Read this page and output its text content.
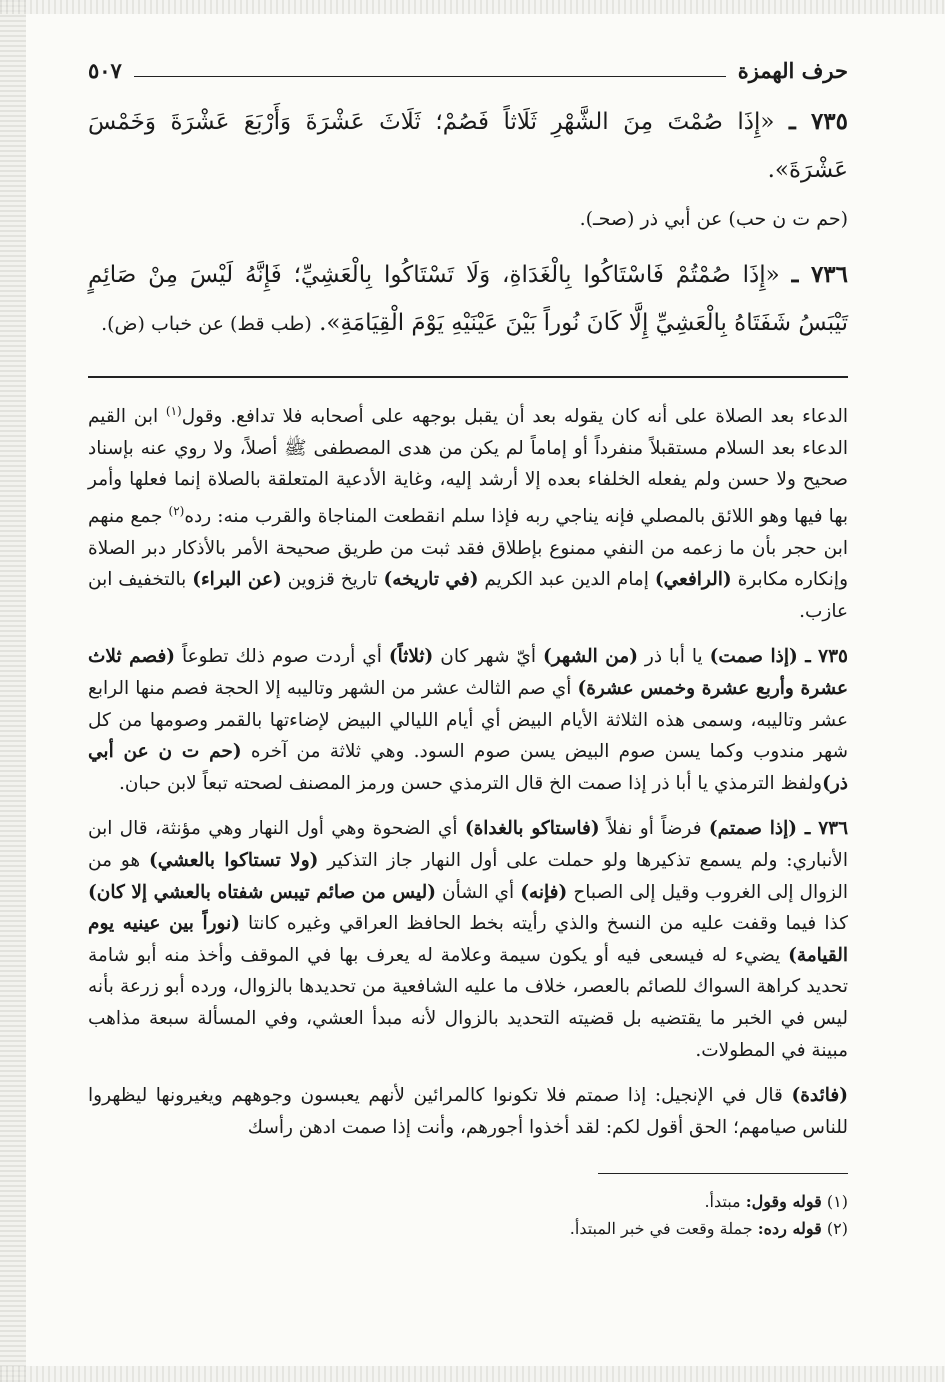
حرف الهمزة
٥٠٧
٧٣٥ ـ «إِذَا صُمْتَ مِنَ الشَّهْرِ ثَلَاثاً فَصُمْ؛ ثَلَاثَ عَشْرَةَ وَأَرْبَعَ عَشْرَةَ وَخَمْسَ عَشْرَةَ».
(حم ت ن حب) عن أبي ذر (صحـ).
٧٣٦ ـ «إِذَا صُمْتُمْ فَاسْتَاكُوا بِالْغَدَاةِ، وَلَا تَسْتَاكُوا بِالْعَشِيِّ؛ فَإِنَّهُ لَيْسَ مِنْ صَائِمٍ تَيْبَسُ شَفَتَاهُ بِالْعَشِيِّ إِلَّا كَانَ نُوراً بَيْنَ عَيْنَيْهِ يَوْمَ الْقِيَامَةِ». (طب قط) عن خباب (ض).

الدعاء بعد الصلاة على أنه كان يقوله بعد أن يقبل بوجهه على أصحابه فلا تدافع. وقول$^{(١)}$ ابن القيم الدعاء بعد السلام مستقبلاً منفرداً أو إماماً لم يكن من هدى المصطفى ﷺ أصلاً، ولا روي عنه بإسناد صحيح ولا حسن ولم يفعله الخلفاء بعده إلا أرشد إليه، وغاية الأدعية المتعلقة بالصلاة إنما فعلها وأمر بها فيها وهو اللائق بالمصلي فإنه يناجي ربه فإذا سلم انقطعت المناجاة والقرب منه: رده$^{(٢)}$ جمع منهم ابن حجر بأن ما زعمه من النفي ممنوع بإطلاق فقد ثبت من طريق صحيحة الأمر بالأذكار دبر الصلاة وإنكاره مكابرة (الرافعي) إمام الدين عبد الكريم (في تاريخه) تاريخ قزوين (عن البراء) بالتخفيف ابن عازب.

٧٣٥ ـ (إذا صمت) يا أبا ذر (من الشهر) أيّ شهر كان (ثلاثاً) أي أردت صوم ذلك تطوعاً (فصم ثلاث عشرة وأربع عشرة وخمس عشرة) أي صم الثالث عشر من الشهر وتاليبه إلا الحجة فصم منها الرابع عشر وتاليبه، وسمى هذه الثلاثة الأيام البيض أي أيام الليالي البيض لإضاءتها بالقمر وصومها من كل شهر مندوب وكما يسن صوم البيض يسن صوم السود. وهي ثلاثة من آخره (حم ت ن عن أبي ذر)ولفظ الترمذي يا أبا ذر إذا صمت الخ قال الترمذي حسن ورمز المصنف لصحته تبعاً لابن حبان.

٧٣٦ ـ (إذا صمتم) فرضاً أو نفلاً (فاستاكو بالغداة) أي الضحوة وهي أول النهار وهي مؤنثة، قال ابن الأنباري: ولم يسمع تذكيرها ولو حملت على أول النهار جاز التذكير (ولا تستاكوا بالعشي) هو من الزوال إلى الغروب وقيل إلى الصباح (فإنه) أي الشأن (ليس من صائم تيبس شفتاه بالعشي إلا كان) كذا فيما وقفت عليه من النسخ والذي رأيته بخط الحافظ العراقي وغيره كانتا (نوراً بين عينيه يوم القيامة) يضيء له فيسعى فيه أو يكون سيمة وعلامة له يعرف بها في الموقف وأخذ منه أبو شامة تحديد كراهة السواك للصائم بالعصر، خلاف ما عليه الشافعية من تحديدها بالزوال، ورده أبو زرعة بأنه ليس في الخبر ما يقتضيه بل قضيته التحديد بالزوال لأنه مبدأ العشي، وفي المسألة سبعة مذاهب مبينة في المطولات.

(فائدة) قال في الإنجيل: إذا صمتم فلا تكونوا كالمرائين لأنهم يعبسون وجوههم ويغيرونها ليظهروا للناس صيامهم؛ الحق أقول لكم: لقد أخذوا أجورهم، وأنت إذا صمت ادهن رأسك

(١) قوله وقول: مبتدأ.

(٢) قوله رده: جملة وقعت في خبر المبتدأ.
